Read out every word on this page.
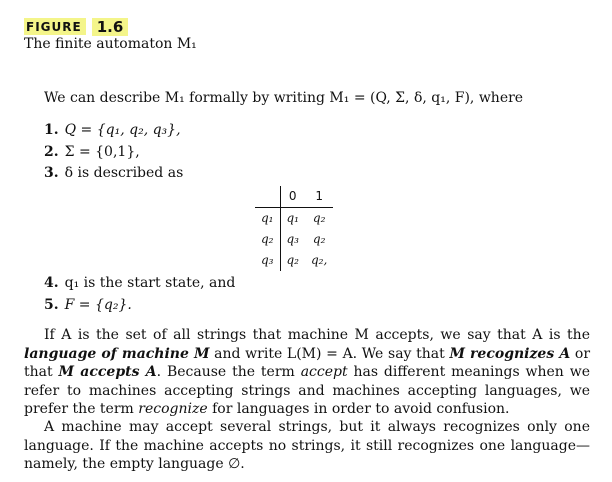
FIGURE 1.6
The finite automaton M₁
We can describe M₁ formally by writing M₁ = (Q, Σ, δ, q₁, F), where
1. Q = {q₁, q₂, q₃},
2. Σ = {0,1},
3. δ is described as
	0	1
q₁	q₁	q₂
q₂	q₃	q₂
q₃	q₂	q₂,
4. q₁ is the start state, and
5. F = {q₂}.

If A is the set of all strings that machine M accepts, we say that A is the language of machine M and write L(M) = A. We say that M recognizes A or that M accepts A. Because the term accept has different meanings when we refer to machines accepting strings and machines accepting languages, we prefer the term recognize for languages in order to avoid confusion.

A machine may accept several strings, but it always recognizes only one language. If the machine accepts no strings, it still recognizes one language—namely, the empty language ∅.
